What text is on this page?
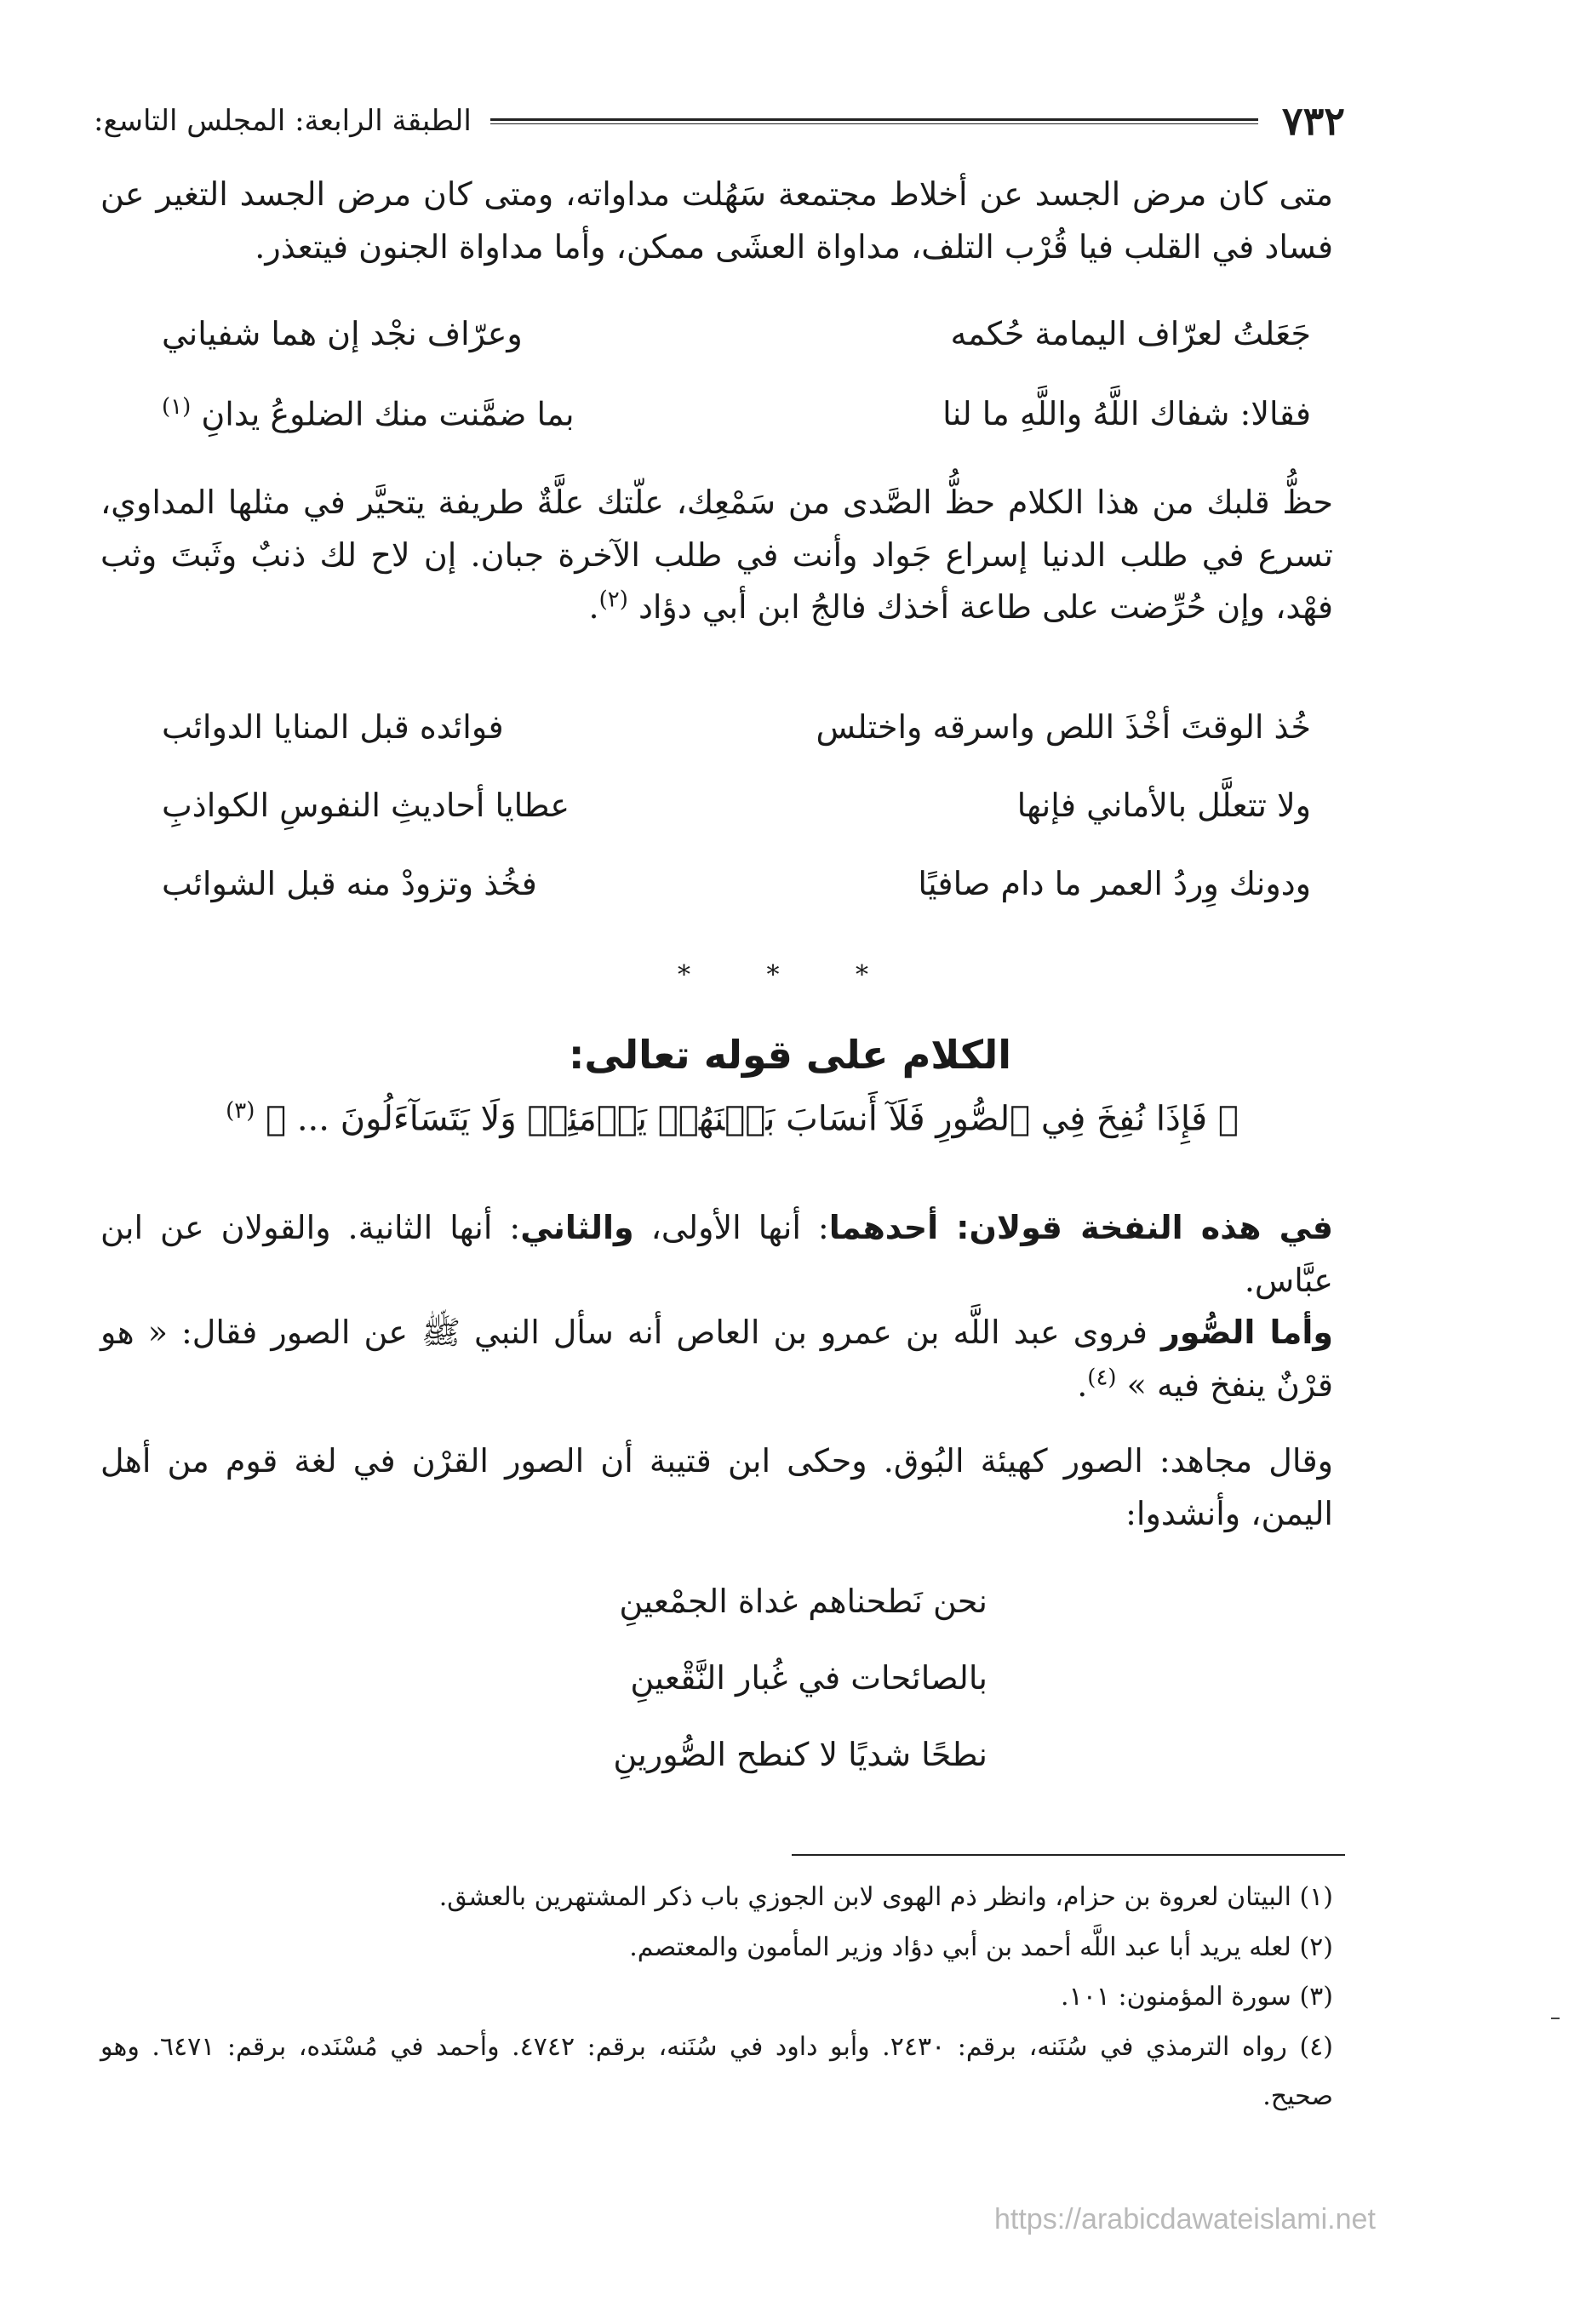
٧٣٢
الطبقة الرابعة: المجلس التاسع:

متى كان مرض الجسد عن أخلاط مجتمعة سَهُلت مداواته، ومتى كان مرض الجسد التغير عن فساد في القلب فيا قُرْب التلف، مداواة العشَى ممكن، وأما مداواة الجنون فيتعذر.

جَعَلتُ لعرّاف اليمامة حُكمه
وعرّاف نجْد إن هما شفياني
فقالا: شفاك اللَّهُ واللَّهِ ما لنا
بما ضمَّنت منك الضلوعُ يدانِ $^{(١)}$

حظُّ قلبك من هذا الكلام حظُّ الصَّدى من سَمْعِك، علّتك علَّةٌ طريفة يتحيَّر في مثلها المداوي، تسرع في طلب الدنيا إسراع جَواد وأنت في طلب الآخرة جبان. إن لاح لك ذنبٌ وثَبتَ وثب فهْد، وإن حُرِّضت على طاعة أخذك فالجُ ابن أبي دؤاد $^{(٢)}$.

خُذ الوقتَ أخْذَ اللص واسرقه واختلس
فوائده قبل المنايا الدوائب
ولا تتعلَّل بالأماني فإنها
عطايا أحاديثِ النفوسِ الكواذبِ
ودونك وِردُ العمر ما دام صافيًا
فخُذ وتزودْ منه قبل الشوائب
* * *
الكلام على قوله تعالى:
﴿ فَإِذَا نُفِخَ فِي ٱلصُّورِ فَلَآ أَنسَابَ بَيۡنَهُمۡ يَوۡمَئِذٖ وَلَا يَتَسَآءَلُونَ ... ﴾ $^{(٣)}$

في هذه النفخة قولان: أحدهما: أنها الأولى، والثاني: أنها الثانية. والقولان عن ابن عبَّاس.

وأما الصُّور فروى عبد اللَّه بن عمرو بن العاص أنه سأل النبي ﷺ عن الصور فقال: « هو قرْنٌ ينفخ فيه » $^{(٤)}$.

وقال مجاهد: الصور كهيئة البُوق. وحكى ابن قتيبة أن الصور القرْن في لغة قوم من أهل اليمن، وأنشدوا:

نحن نَطحناهم غداة الجمْعينِ
بالصائحات في غُبار النَّقْعينِ
نطحًا شديًا لا كنطح الصُّورينِ

(١) البيتان لعروة بن حزام، وانظر ذم الهوى لابن الجوزي باب ذكر المشتهرين بالعشق.

(٢) لعله يريد أبا عبد اللَّه أحمد بن أبي دؤاد وزير المأمون والمعتصم.

(٣) سورة المؤمنون: ١٠١.

(٤) رواه الترمذي في سُنَنه، برقم: ٢٤٣٠. وأبو داود في سُنَنه، برقم: ٤٧٤٢. وأحمد في مُسْنَده، برقم: ٦٤٧١. وهو صحيح.

https://arabicdawateislami.net
